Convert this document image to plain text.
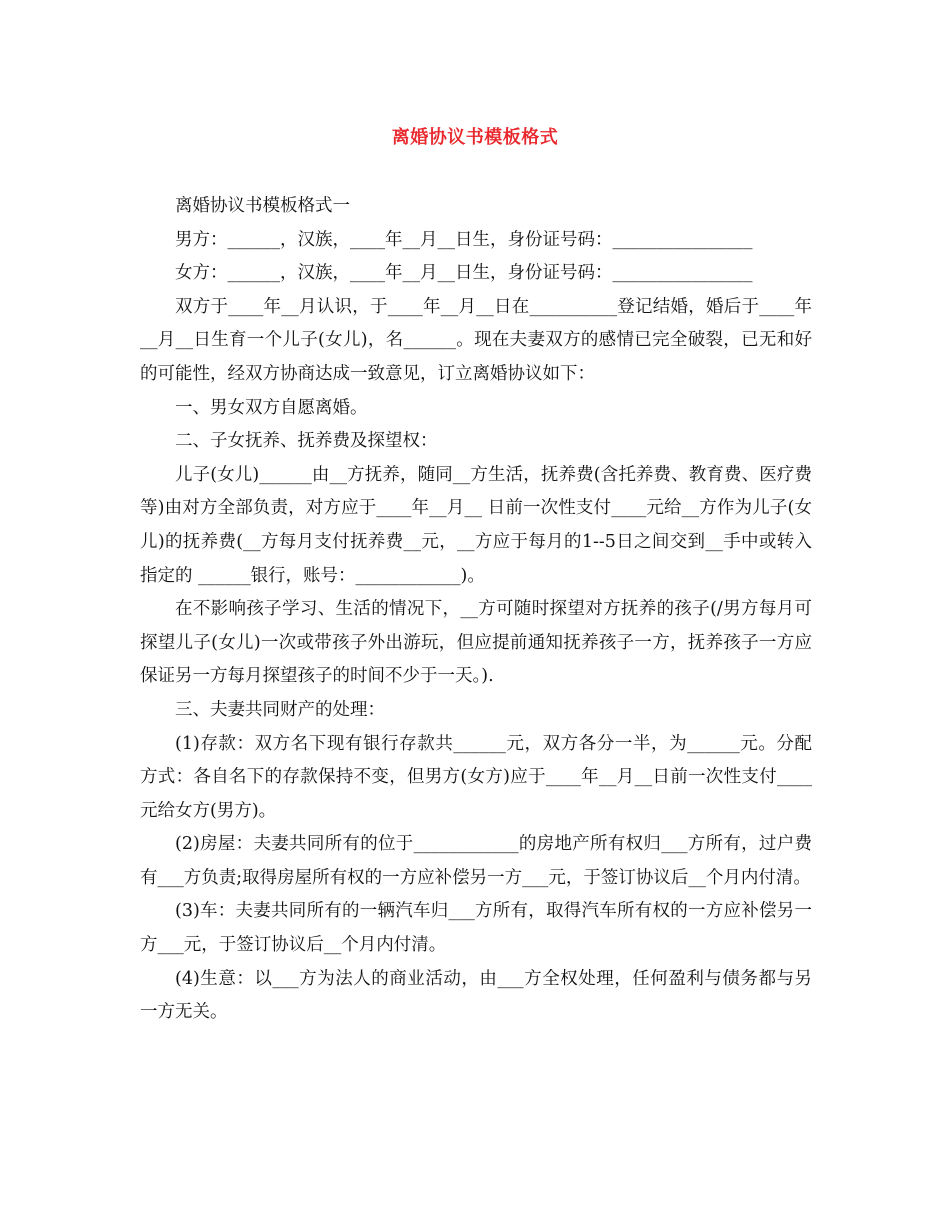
离婚协议书模板格式

离婚协议书模板格式一

男方：______，汉族，____年__月__日生，身份证号码：________________

女方：______，汉族，____年__月__日生，身份证号码：________________

双方于____年__月认识，于____年__月__日在__________登记结婚，婚后于____年__月__日生育一个儿子(女儿)，名______。现在夫妻双方的感情已完全破裂，已无和好的可能性，经双方协商达成一致意见，订立离婚协议如下：

一、男女双方自愿离婚。

二、子女抚养、抚养费及探望权：

儿子(女儿)______由__方抚养，随同__方生活，抚养费(含托养费、教育费、医疗费等)由对方全部负责，对方应于____年__月__ 日前一次性支付____元给__方作为儿子(女儿)的抚养费(__方每月支付抚养费__元，__方应于每月的1--5日之间交到__手中或转入指定的 ______银行，账号：____________)。

在不影响孩子学习、生活的情况下，__方可随时探望对方抚养的孩子(/男方每月可探望儿子(女儿)一次或带孩子外出游玩，但应提前通知抚养孩子一方，抚养孩子一方应保证另一方每月探望孩子的时间不少于一天。).

三、夫妻共同财产的处理：

(1)存款：双方名下现有银行存款共______元，双方各分一半，为______元。分配方式：各自名下的存款保持不变，但男方(女方)应于____年__月__日前一次性支付____元给女方(男方)。

(2)房屋：夫妻共同所有的位于____________的房地产所有权归___方所有，过户费有___方负责;取得房屋所有权的一方应补偿另一方___元，于签订协议后__个月内付清。

(3)车：夫妻共同所有的一辆汽车归___方所有，取得汽车所有权的一方应补偿另一方___元，于签订协议后__个月内付清。

(4)生意：以___方为法人的商业活动，由___方全权处理，任何盈利与债务都与另一方无关。
